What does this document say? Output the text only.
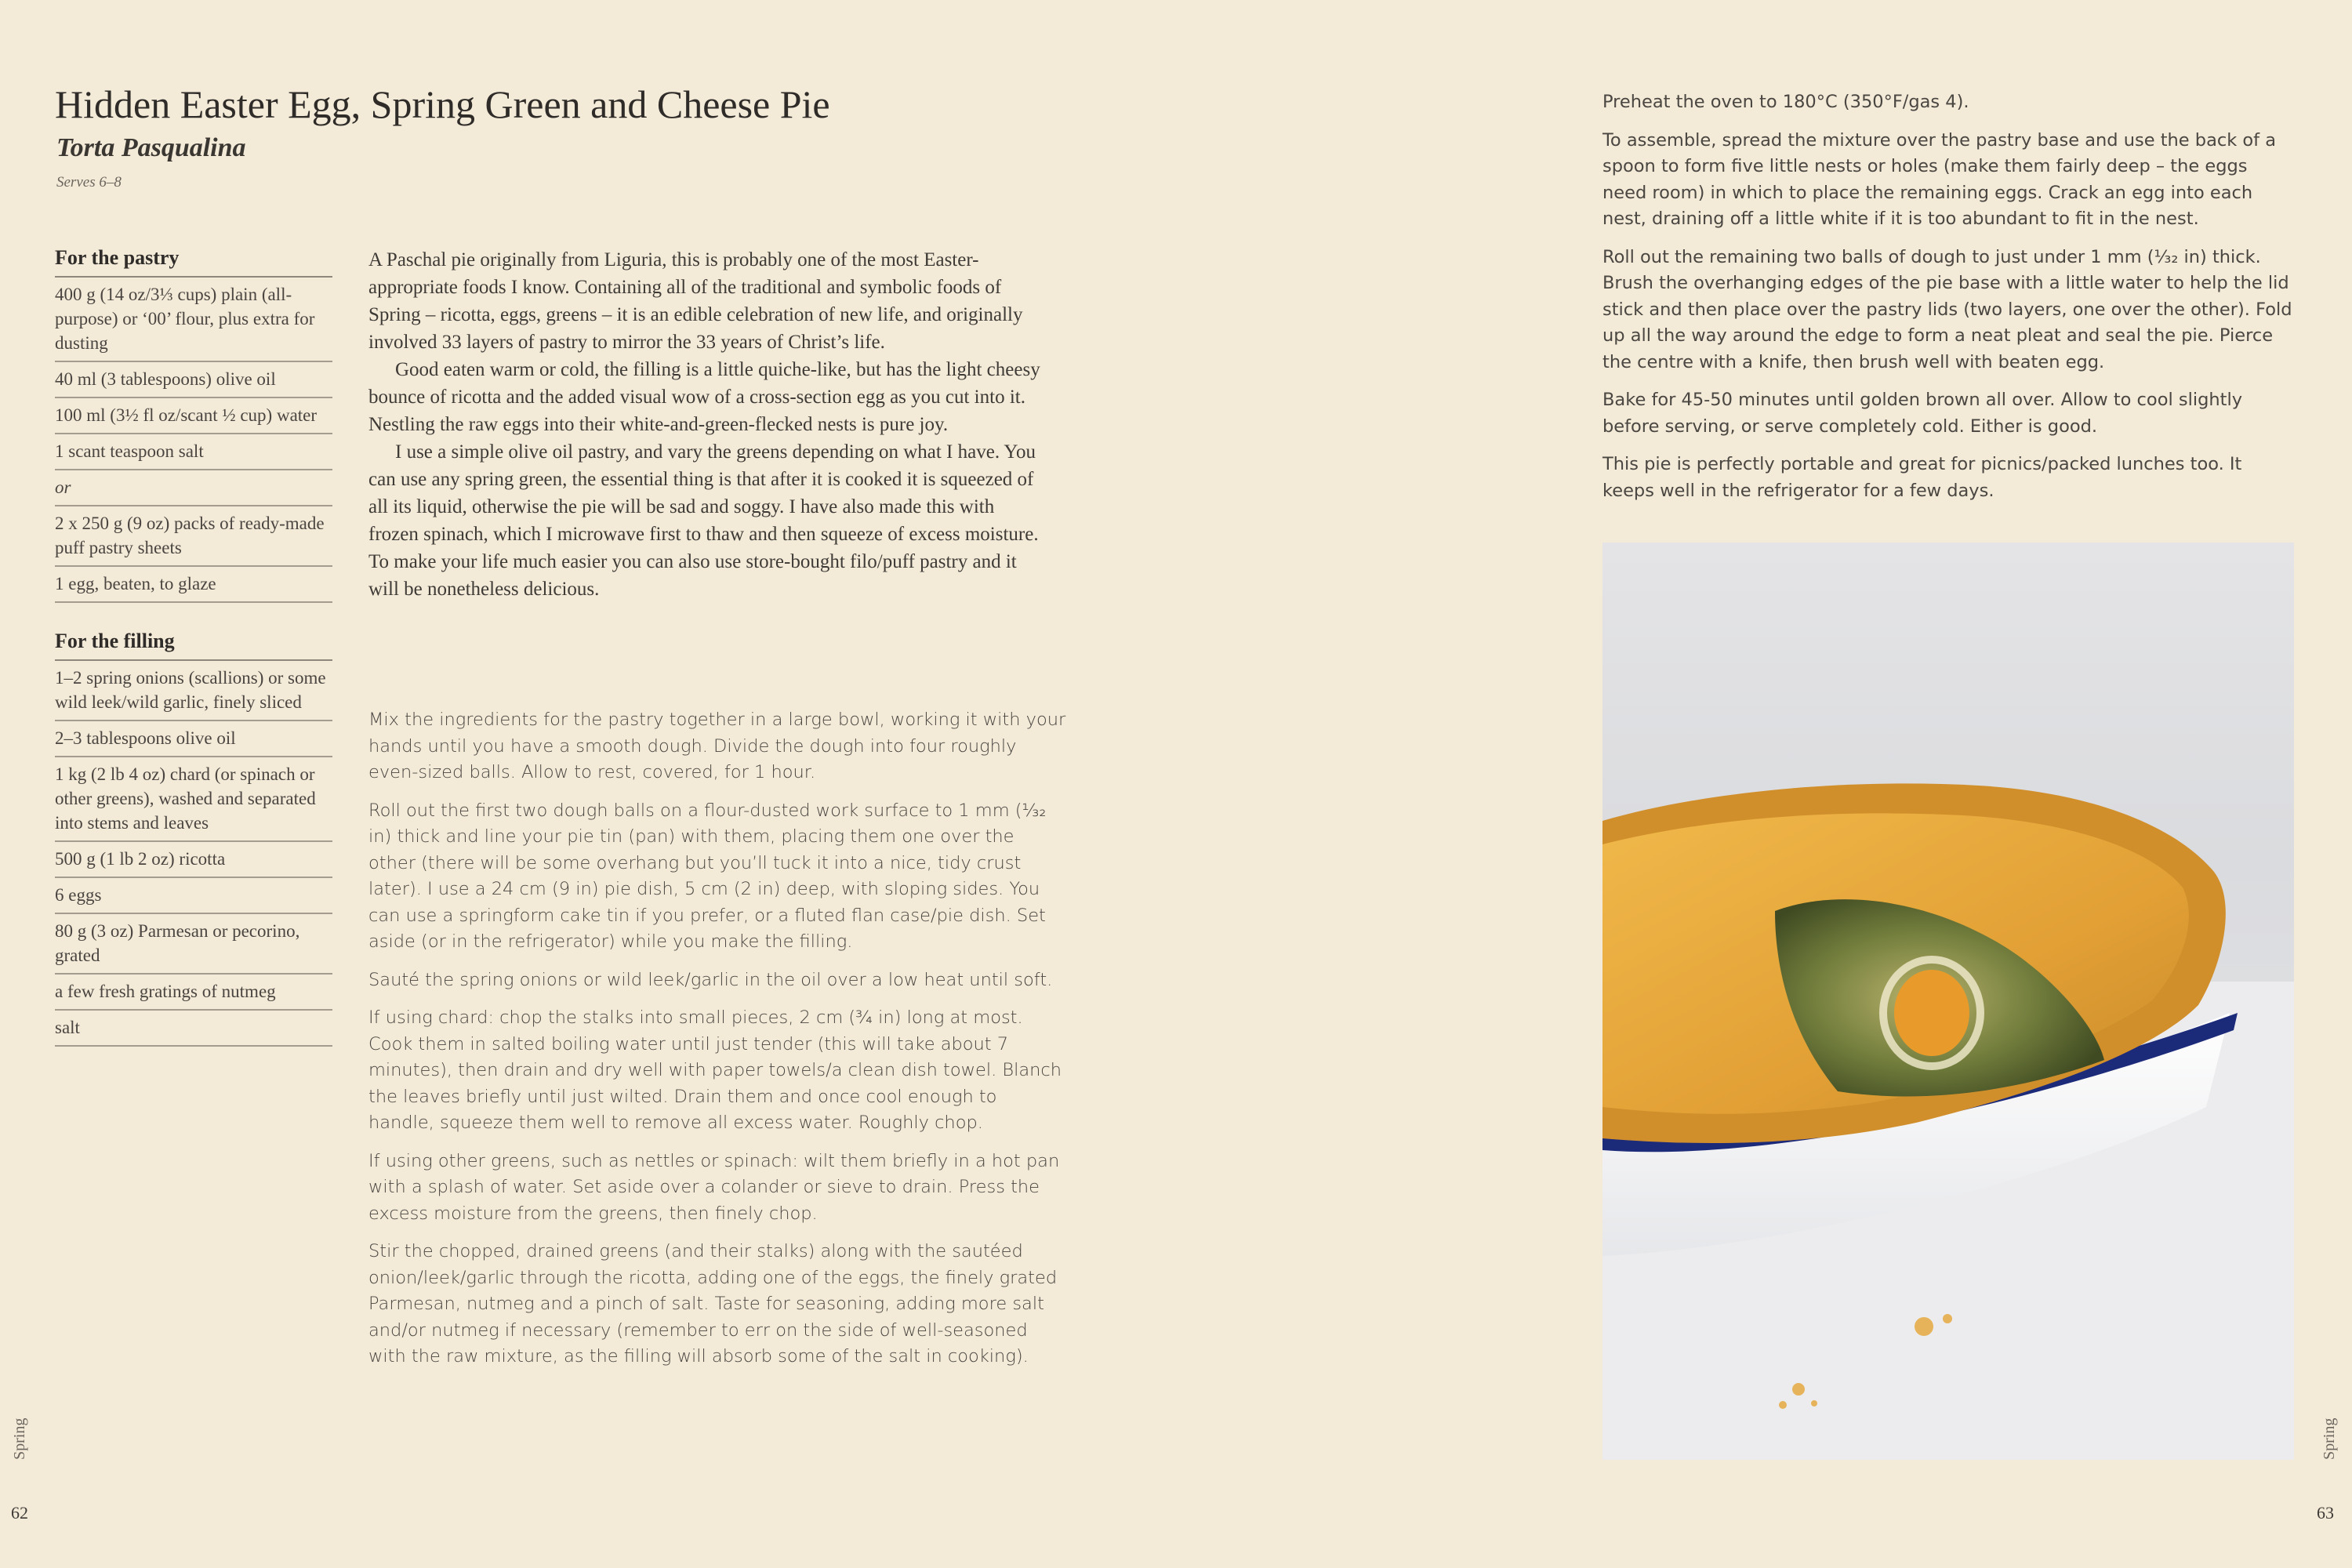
Hidden Easter Egg, Spring Green and Cheese Pie
Torta Pasqualina
Serves 6–8
For the pastry
400 g (14 oz/3⅓ cups) plain (all-purpose) or ‘00’ flour, plus extra for dusting
40 ml (3 tablespoons) olive oil
100 ml (3½ fl oz/scant ½ cup) water
1 scant teaspoon salt
or
2 x 250 g (9 oz) packs of ready-made puff pastry sheets
1 egg, beaten, to glaze
For the filling
1–2 spring onions (scallions) or some wild leek/wild garlic, finely sliced
2–3 tablespoons olive oil
1 kg (2 lb 4 oz) chard (or spinach or other greens), washed and separated into stems and leaves
500 g (1 lb 2 oz) ricotta
6 eggs
80 g (3 oz) Parmesan or pecorino, grated
a few fresh gratings of nutmeg
salt

A Paschal pie originally from Liguria, this is probably one of the most Easter-appropriate foods I know. Containing all of the traditional and symbolic foods of Spring – ricotta, eggs, greens – it is an edible celebration of new life, and originally involved 33 layers of pastry to mirror the 33 years of Christ’s life.

Good eaten warm or cold, the filling is a little quiche-like, but has the light cheesy bounce of ricotta and the added visual wow of a cross-section egg as you cut into it. Nestling the raw eggs into their white-and-green-flecked nests is pure joy.

I use a simple olive oil pastry, and vary the greens depending on what I have. You can use any spring green, the essential thing is that after it is cooked it is squeezed of all its liquid, otherwise the pie will be sad and soggy. I have also made this with frozen spinach, which I microwave first to thaw and then squeeze of excess moisture. To make your life much easier you can also use store-bought filo/puff pastry and it will be nonetheless delicious.

Mix the ingredients for the pastry together in a large bowl, working it with your hands until you have a smooth dough. Divide the dough into four roughly even-sized balls. Allow to rest, covered, for 1 hour.

Roll out the first two dough balls on a flour-dusted work surface to 1 mm (¹⁄₃₂ in) thick and line your pie tin (pan) with them, placing them one over the other (there will be some overhang but you’ll tuck it into a nice, tidy crust later). I use a 24 cm (9 in) pie dish, 5 cm (2 in) deep, with sloping sides. You can use a springform cake tin if you prefer, or a fluted flan case/pie dish. Set aside (or in the refrigerator) while you make the filling.

Sauté the spring onions or wild leek/garlic in the oil over a low heat until soft.

If using chard: chop the stalks into small pieces, 2 cm (¾ in) long at most. Cook them in salted boiling water until just tender (this will take about 7 minutes), then drain and dry well with paper towels/a clean dish towel. Blanch the leaves briefly until just wilted. Drain them and once cool enough to handle, squeeze them well to remove all excess water. Roughly chop.

If using other greens, such as nettles or spinach: wilt them briefly in a hot pan with a splash of water. Set aside over a colander or sieve to drain. Press the excess moisture from the greens, then finely chop.

Stir the chopped, drained greens (and their stalks) along with the sautéed onion/leek/garlic through the ricotta, adding one of the eggs, the finely grated Parmesan, nutmeg and a pinch of salt. Taste for seasoning, adding more salt and/or nutmeg if necessary (remember to err on the side of well-seasoned with the raw mixture, as the filling will absorb some of the salt in cooking).

Spring
62

Preheat the oven to 180°C (350°F/gas 4).

To assemble, spread the mixture over the pastry base and use the back of a spoon to form five little nests or holes (make them fairly deep – the eggs need room) in which to place the remaining eggs. Crack an egg into each nest, draining off a little white if it is too abundant to fit in the nest.

Roll out the remaining two balls of dough to just under 1 mm (¹⁄₃₂ in) thick. Brush the overhanging edges of the pie base with a little water to help the lid stick and then place over the pastry lids (two layers, one over the other). Fold up all the way around the edge to form a neat pleat and seal the pie. Pierce the centre with a knife, then brush well with beaten egg.

Bake for 45-50 minutes until golden brown all over. Allow to cool slightly before serving, or serve completely cold. Either is good.

This pie is perfectly portable and great for picnics/packed lunches too. It keeps well in the refrigerator for a few days.

Spring
63
